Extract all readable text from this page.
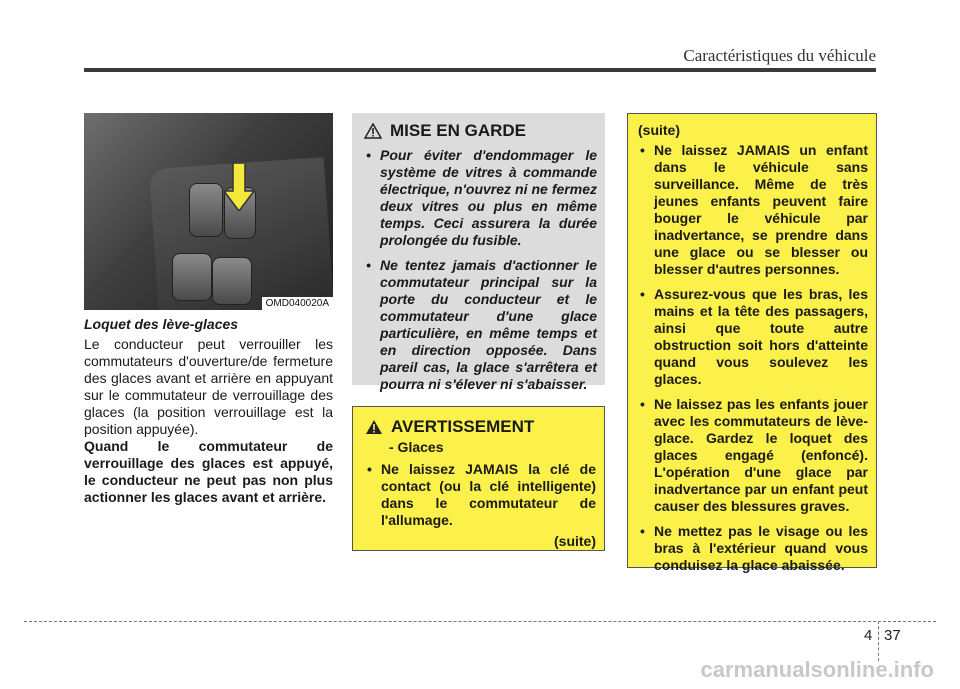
Caractéristiques du véhicule
OMD040020A
Loquet des lève-glaces

Le conducteur peut verrouiller les commutateurs d'ouverture/de fermeture des glaces avant et arrière en appuyant sur le commutateur de verrouillage des glaces (la position verrouillage est la position appuyée).

Quand le commutateur de verrouillage des glaces est appuyé, le conducteur ne peut pas non plus actionner les glaces avant et arrière.

MISE EN GARDE
• Pour éviter d'endommager le système de vitres à commande électrique, n'ouvrez ni ne fermez deux vitres ou plus en même temps. Ceci assurera la durée prolongée du fusible.
• Ne tentez jamais d'actionner le commutateur principal sur la porte du conducteur et le commutateur d'une glace particulière, en même temps et en direction opposée. Dans pareil cas, la glace s'arrêtera et pourra ni s'élever ni s'abaisser.
AVERTISSEMENT
- Glaces
• Ne laissez JAMAIS la clé de contact (ou la clé intelligente) dans le commutateur de l'allumage.
(suite)
(suite)
• Ne laissez JAMAIS un enfant dans le véhicule sans surveillance. Même de très jeunes enfants peuvent faire bouger le véhicule par inadvertance, se prendre dans une glace ou se blesser ou blesser d'autres personnes.
• Assurez-vous que les bras, les mains et la tête des passagers, ainsi que toute autre obstruction soit hors d'atteinte quand vous soulevez les glaces.
• Ne laissez pas les enfants jouer avec les commutateurs de lève-glace. Gardez le loquet des glaces engagé (enfoncé). L'opération d'une glace par inadvertance par un enfant peut causer des blessures graves.
• Ne mettez pas le visage ou les bras à l'extérieur quand vous conduisez la glace abaissée.
4 37
carmanualsonline.info
